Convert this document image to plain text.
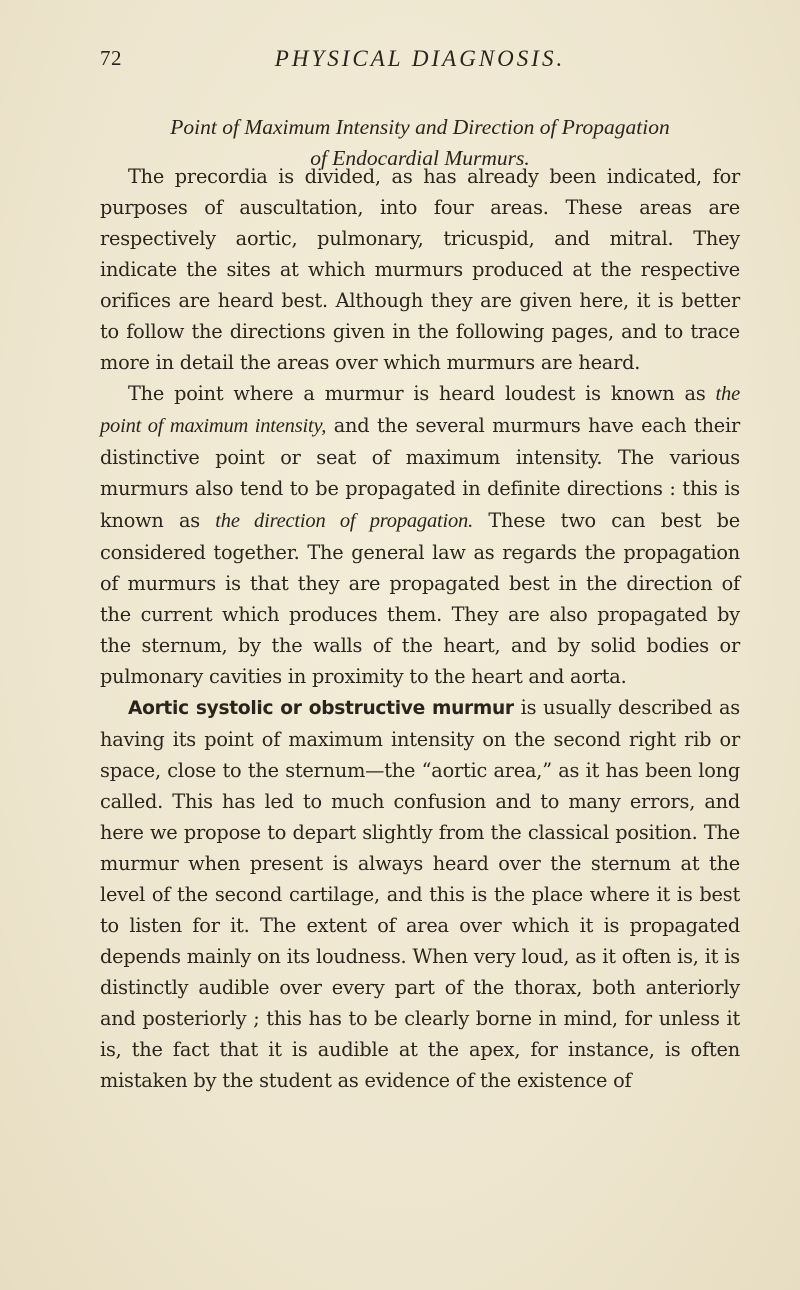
72	PHYSICAL DIAGNOSIS.
Point of Maximum Intensity and Direction of Propagation
of Endocardial Murmurs.

The precordia is divided, as has already been indicated, for purposes of auscultation, into four areas. These areas are respectively aortic, pulmonary, tricuspid, and mitral. They indicate the sites at which murmurs produced at the respective orifices are heard best. Although they are given here, it is better to follow the directions given in the following pages, and to trace more in detail the areas over which murmurs are heard.

The point where a murmur is heard loudest is known as the point of maximum intensity, and the several murmurs have each their distinctive point or seat of maximum intensity. The various murmurs also tend to be propagated in definite directions : this is known as the direction of propagation. These two can best be considered together. The general law as regards the propagation of murmurs is that they are propagated best in the direction of the current which produces them. They are also propagated by the sternum, by the walls of the heart, and by solid bodies or pulmonary cavities in proximity to the heart and aorta.

Aortic systolic or obstructive murmur is usually described as having its point of maximum intensity on the second right rib or space, close to the sternum—the “aortic area,” as it has been long called. This has led to much confusion and to many errors, and here we propose to depart slightly from the classical position. The murmur when present is always heard over the sternum at the level of the second cartilage, and this is the place where it is best to listen for it. The extent of area over which it is propagated depends mainly on its loudness. When very loud, as it often is, it is distinctly audible over every part of the thorax, both anteriorly and posteriorly ; this has to be clearly borne in mind, for unless it is, the fact that it is audible at the apex, for instance, is often mistaken by the student as evidence of the existence of
